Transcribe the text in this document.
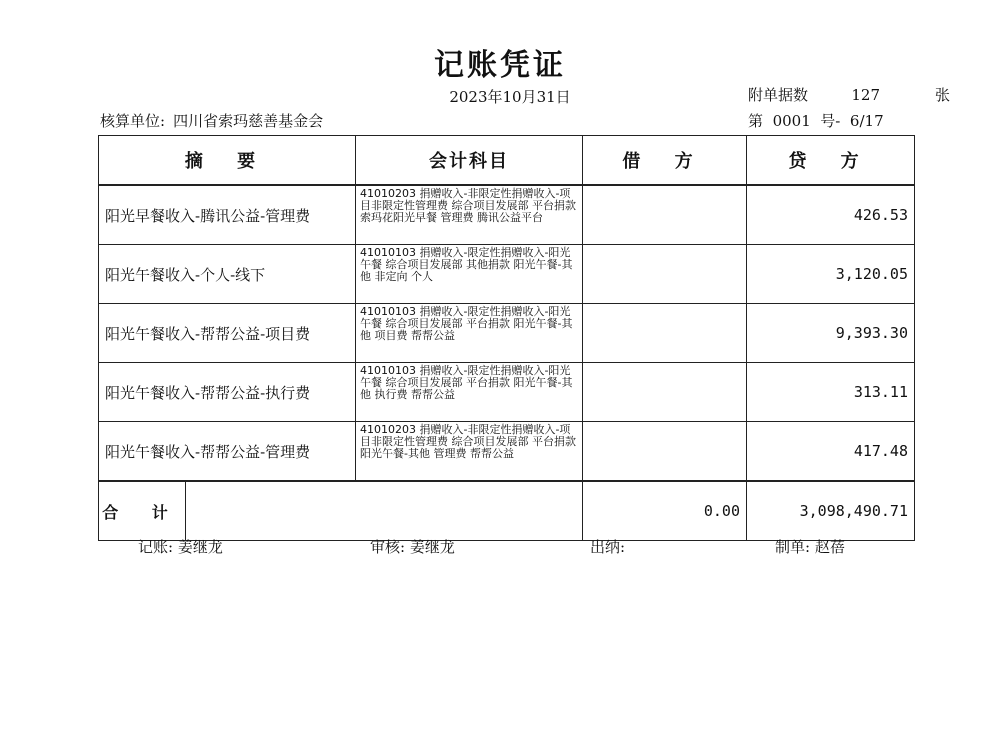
记账凭证
2023年10月31日	附单据数	127	张
核算单位: 四川省索玛慈善基金会	第 0001 号- 6/17
摘 要	会计科目	借 方	贷 方
阳光早餐收入-腾讯公益-管理费	41010203 捐赠收入-非限定性捐赠收入-项目非限定性管理费 综合项目发展部 平台捐款 索玛花阳光早餐 管理费 腾讯公益平台		426.53
阳光午餐收入-个人-线下	41010103 捐赠收入-限定性捐赠收入-阳光午餐 综合项目发展部 其他捐款 阳光午餐-其他 非定向 个人		3,120.05
阳光午餐收入-帮帮公益-项目费	41010103 捐赠收入-限定性捐赠收入-阳光午餐 综合项目发展部 平台捐款 阳光午餐-其他 项目费 帮帮公益		9,393.30
阳光午餐收入-帮帮公益-执行费	41010103 捐赠收入-限定性捐赠收入-阳光午餐 综合项目发展部 平台捐款 阳光午餐-其他 执行费 帮帮公益		313.11
阳光午餐收入-帮帮公益-管理费	41010203 捐赠收入-非限定性捐赠收入-项目非限定性管理费 综合项目发展部 平台捐款 阳光午餐-其他 管理费 帮帮公益		417.48

合 计		0.00	3,098,490.71
记账: 姜继龙	审核: 姜继龙	出纳:	制单: 赵蓓
